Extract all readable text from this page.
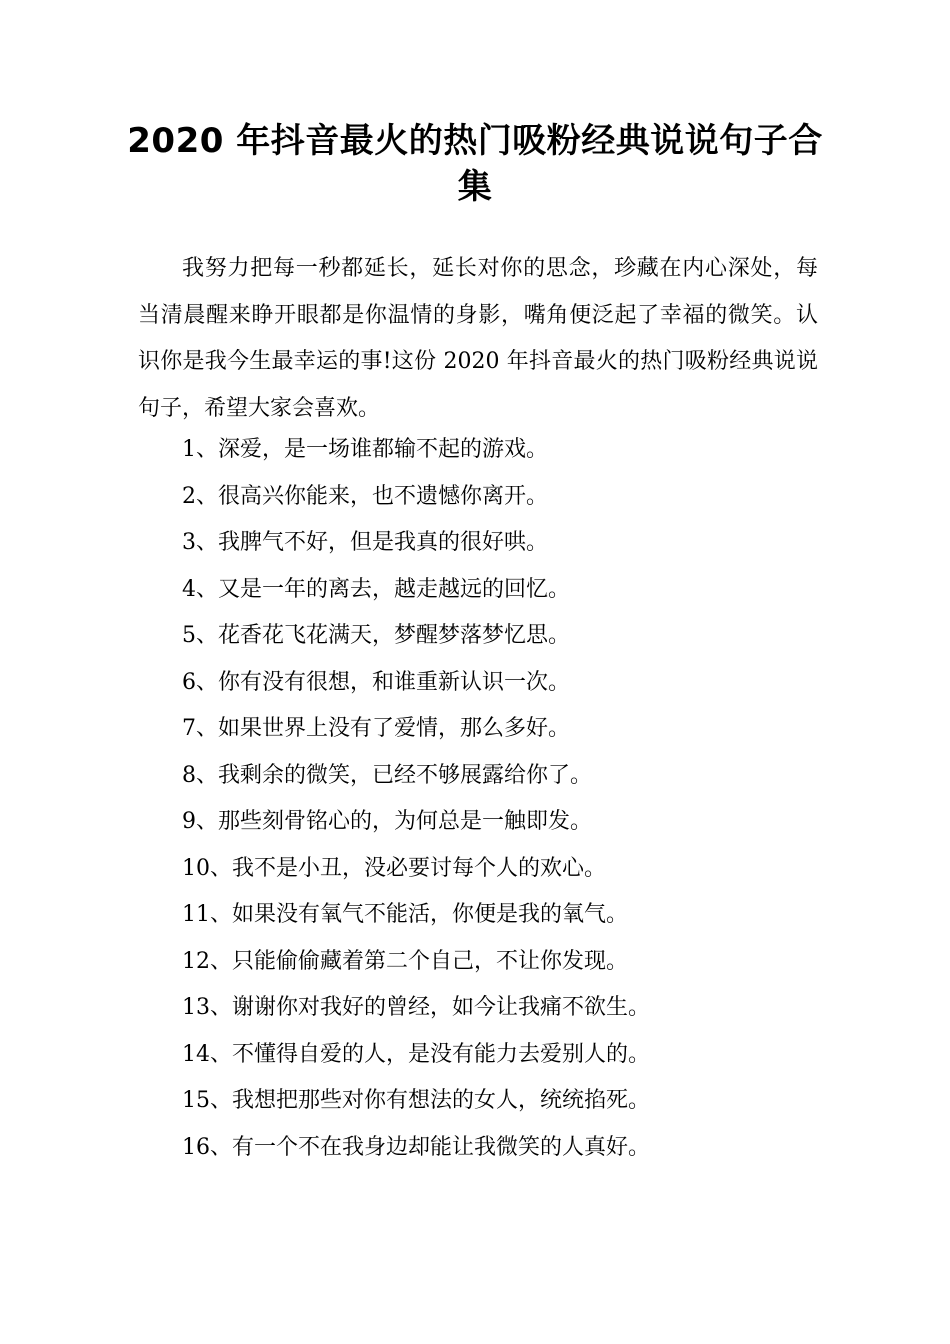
2020 年抖音最火的热门吸粉经典说说句子合集

我努力把每一秒都延长，延长对你的思念，珍藏在内心深处，每当清晨醒来睁开眼都是你温情的身影，嘴角便泛起了幸福的微笑。认识你是我今生最幸运的事!这份 2020 年抖音最火的热门吸粉经典说说句子，希望大家会喜欢。

1、深爱，是一场谁都输不起的游戏。
2、很高兴你能来，也不遗憾你离开。
3、我脾气不好，但是我真的很好哄。
4、又是一年的离去，越走越远的回忆。
5、花香花飞花满天，梦醒梦落梦忆思。
6、你有没有很想，和谁重新认识一次。
7、如果世界上没有了爱情，那么多好。
8、我剩余的微笑，已经不够展露给你了。
9、那些刻骨铭心的，为何总是一触即发。
10、我不是小丑，没必要讨每个人的欢心。
11、如果没有氧气不能活，你便是我的氧气。
12、只能偷偷藏着第二个自己，不让你发现。
13、谢谢你对我好的曾经，如今让我痛不欲生。
14、不懂得自爱的人，是没有能力去爱别人的。
15、我想把那些对你有想法的女人，统统掐死。
16、有一个不在我身边却能让我微笑的人真好。
